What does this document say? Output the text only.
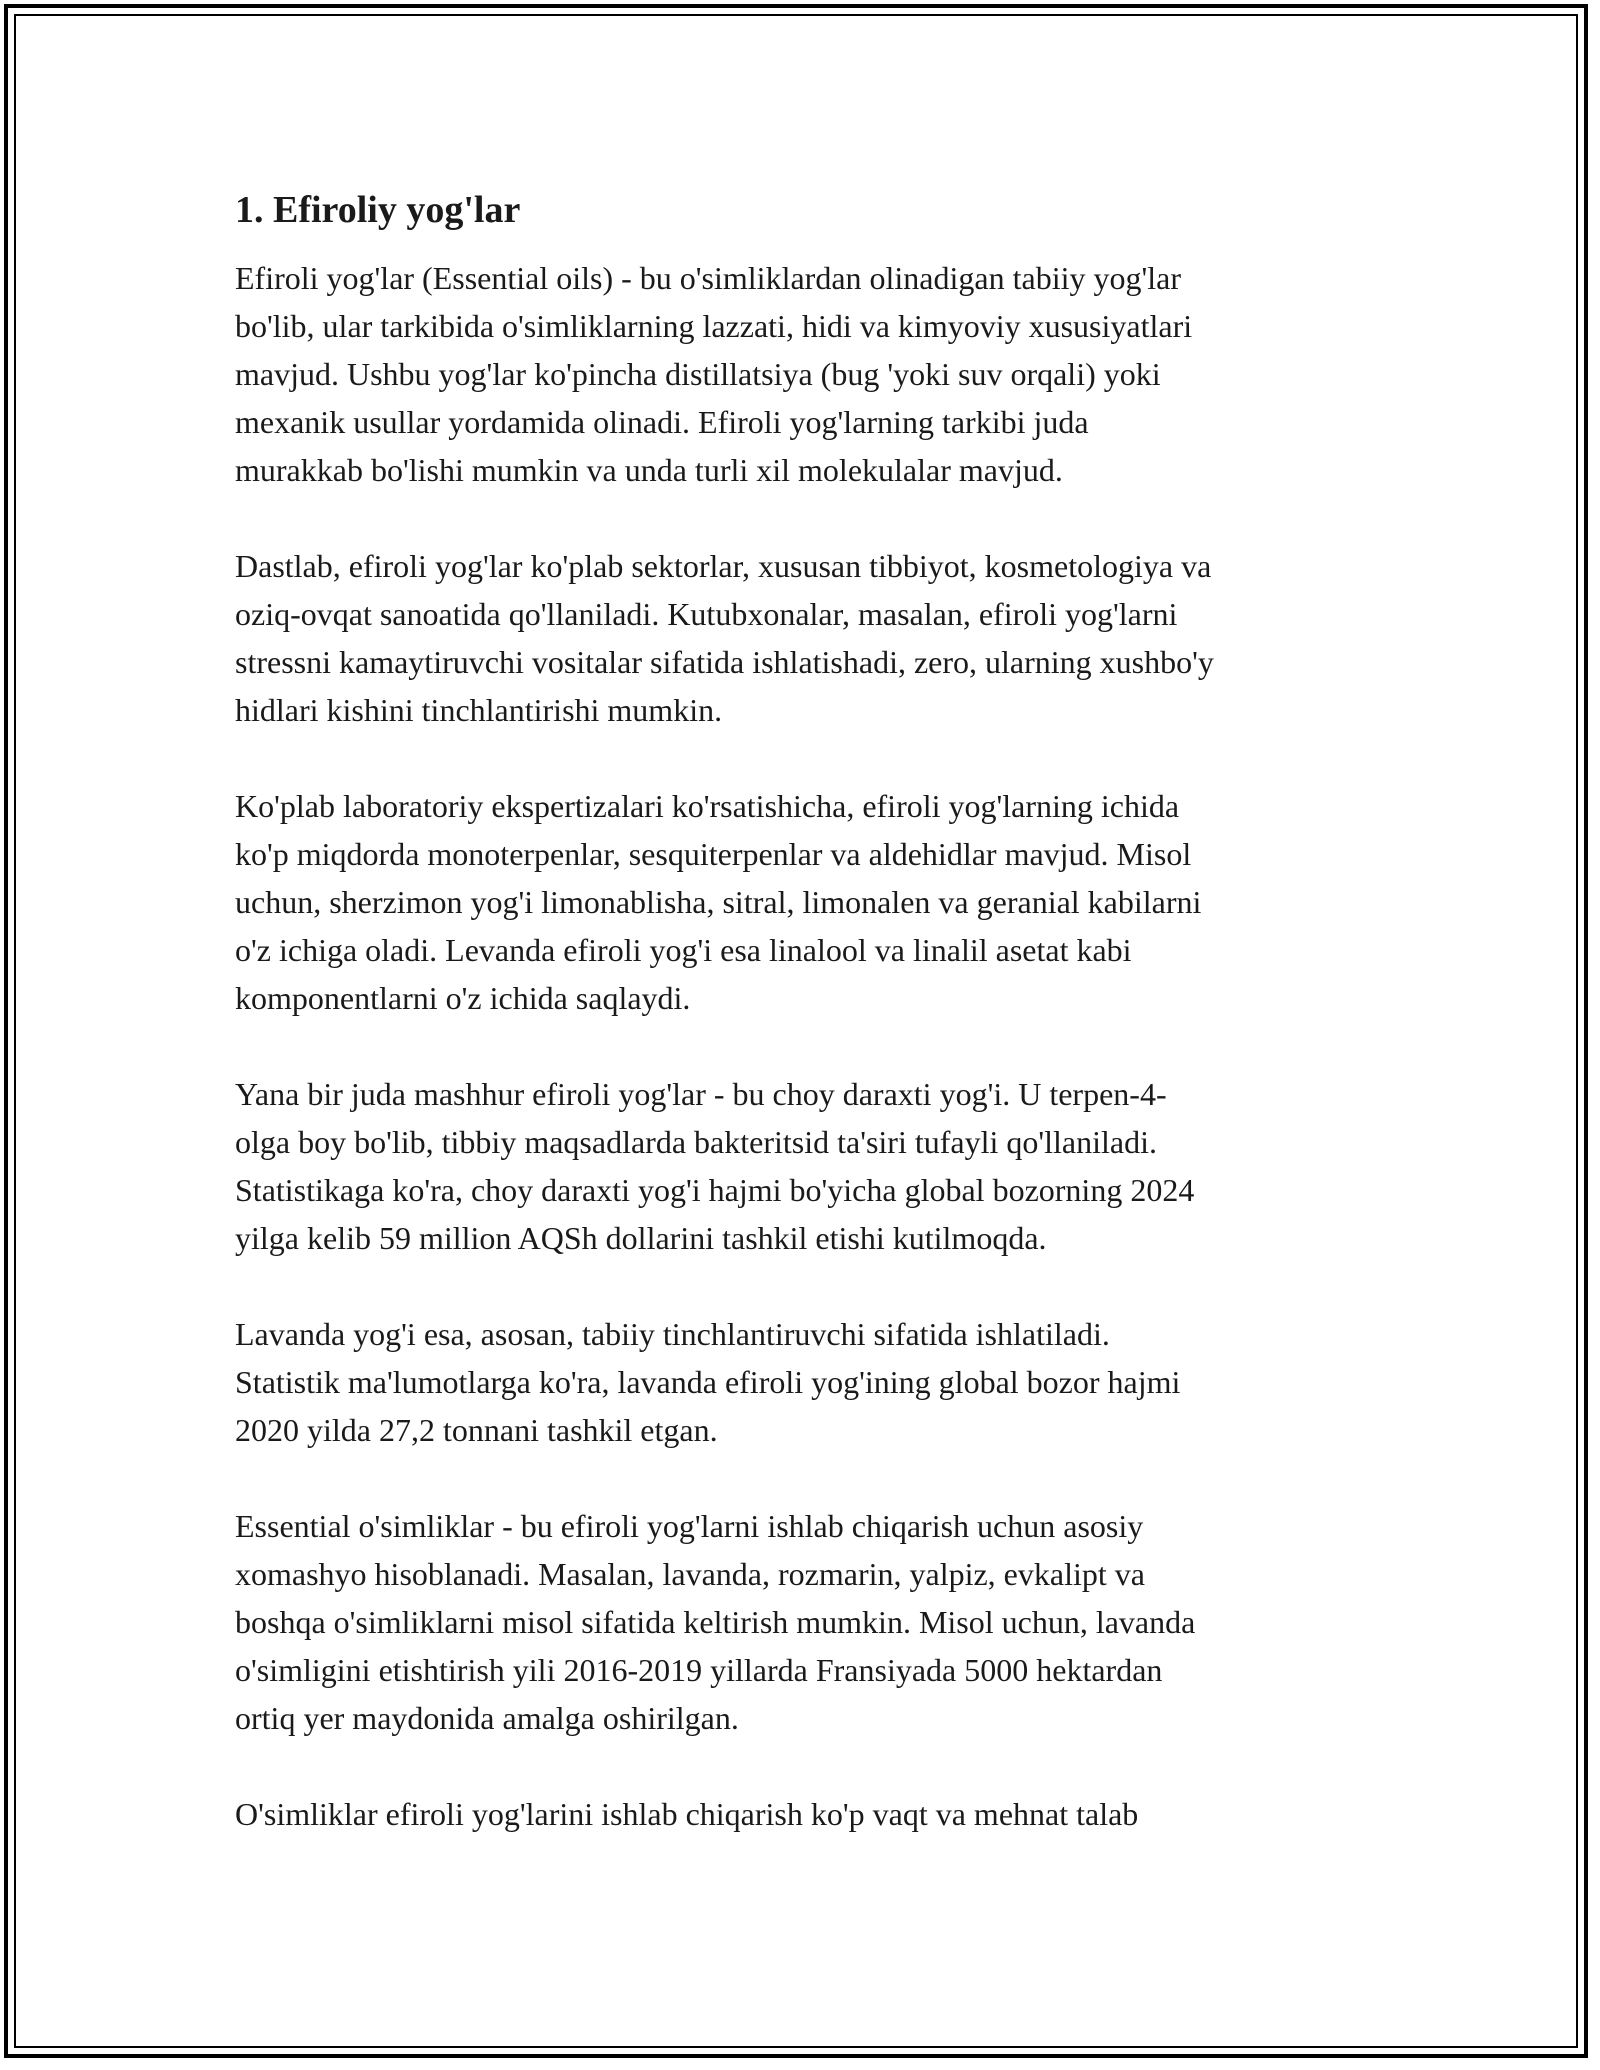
1. Efiroliy yog'lar

Efiroli yog'lar (Essential oils) - bu o'simliklardan olinadigan tabiiy yog'lar
bo'lib, ular tarkibida o'simliklarning lazzati, hidi va kimyoviy xususiyatlari
mavjud. Ushbu yog'lar ko'pincha distillatsiya (bug 'yoki suv orqali) yoki
mexanik usullar yordamida olinadi. Efiroli yog'larning tarkibi juda
murakkab bo'lishi mumkin va unda turli xil molekulalar mavjud.

Dastlab, efiroli yog'lar ko'plab sektorlar, xususan tibbiyot, kosmetologiya va
oziq-ovqat sanoatida qo'llaniladi. Kutubxonalar, masalan, efiroli yog'larni
stressni kamaytiruvchi vositalar sifatida ishlatishadi, zero, ularning xushbo'y
hidlari kishini tinchlantirishi mumkin.

Ko'plab laboratoriy ekspertizalari ko'rsatishicha, efiroli yog'larning ichida
ko'p miqdorda monoterpenlar, sesquiterpenlar va aldehidlar mavjud. Misol
uchun, sherzimon yog'i limonablisha, sitral, limonalen va geranial kabilarni
o'z ichiga oladi. Levanda efiroli yog'i esa linalool va linalil asetat kabi
komponentlarni o'z ichida saqlaydi.

Yana bir juda mashhur efiroli yog'lar - bu choy daraxti yog'i. U terpen-4-
olga boy bo'lib, tibbiy maqsadlarda bakteritsid ta'siri tufayli qo'llaniladi.
Statistikaga ko'ra, choy daraxti yog'i hajmi bo'yicha global bozorning 2024
yilga kelib 59 million AQSh dollarini tashkil etishi kutilmoqda.

Lavanda yog'i esa, asosan, tabiiy tinchlantiruvchi sifatida ishlatiladi.
Statistik ma'lumotlarga ko'ra, lavanda efiroli yog'ining global bozor hajmi
2020 yilda 27,2 tonnani tashkil etgan.

Essential o'simliklar - bu efiroli yog'larni ishlab chiqarish uchun asosiy
xomashyo hisoblanadi. Masalan, lavanda, rozmarin, yalpiz, evkalipt va
boshqa o'simliklarni misol sifatida keltirish mumkin. Misol uchun, lavanda
o'simligini etishtirish yili 2016-2019 yillarda Fransiyada 5000 hektardan
ortiq yer maydonida amalga oshirilgan.

O'simliklar efiroli yog'larini ishlab chiqarish ko'p vaqt va mehnat talab
